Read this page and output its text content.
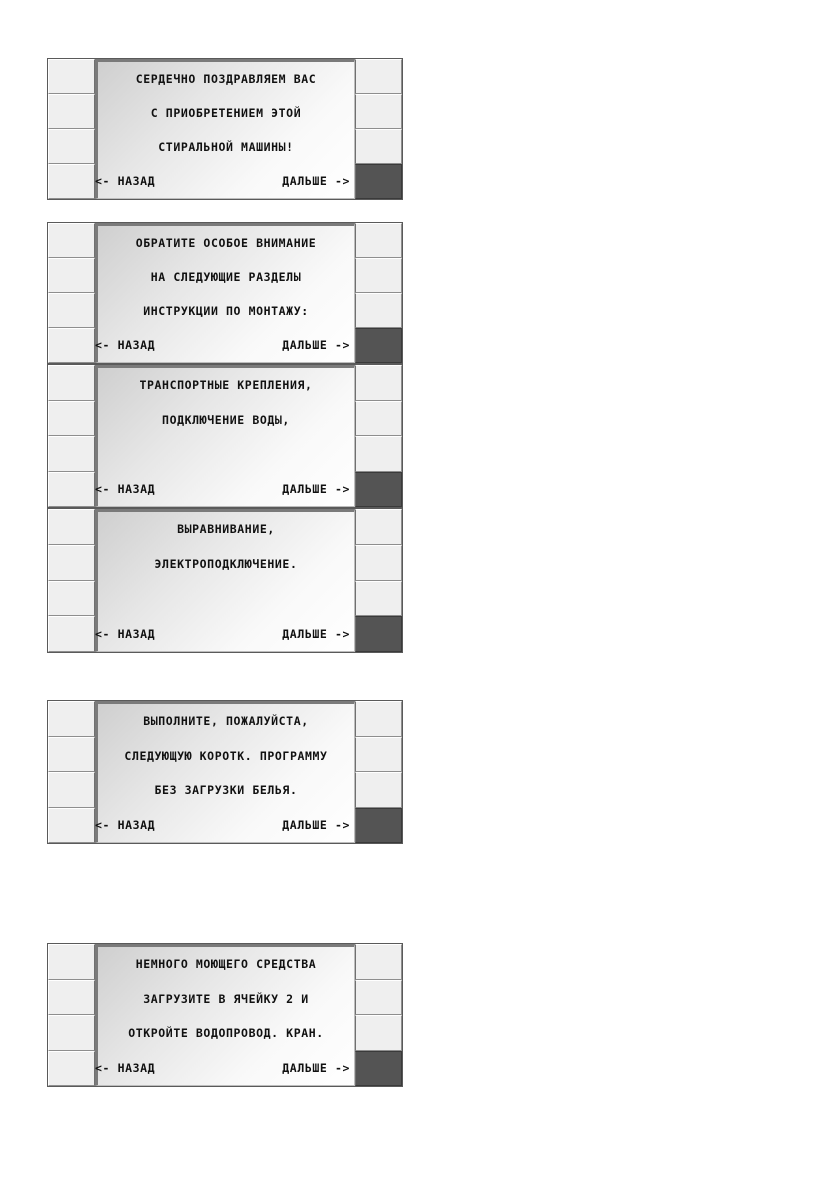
СЕРДЕЧНО ПОЗДРАВЛЯЕМ ВАС
С ПРИОБРЕТЕНИЕМ ЭТОЙ
СТИРАЛЬНОЙ МАШИНЫ!
<- НАЗАД	ДАЛЬШЕ ->
ОБРАТИТЕ ОСОБОЕ ВНИМАНИЕ
НА СЛЕДУЮЩИЕ РАЗДЕЛЫ
ИНСТРУКЦИИ ПО МОНТАЖУ:
<- НАЗАД	ДАЛЬШЕ ->
ТРАНСПОРТНЫЕ КРЕПЛЕНИЯ,
ПОДКЛЮЧЕНИЕ ВОДЫ,
<- НАЗАД	ДАЛЬШЕ ->
ВЫРАВНИВАНИЕ,
ЭЛЕКТРОПОДКЛЮЧЕНИЕ.
<- НАЗАД	ДАЛЬШЕ ->
ВЫПОЛНИТЕ, ПОЖАЛУЙСТА,
СЛЕДУЮЩУЮ КОРОТК. ПРОГРАММУ
БЕЗ ЗАГРУЗКИ БЕЛЬЯ.
<- НАЗАД	ДАЛЬШЕ ->
НЕМНОГО МОЮЩЕГО СРЕДСТВА
ЗАГРУЗИТЕ В ЯЧЕЙКУ 2 И
ОТКРОЙТЕ ВОДОПРОВОД. КРАН.
<- НАЗАД	ДАЛЬШЕ ->
